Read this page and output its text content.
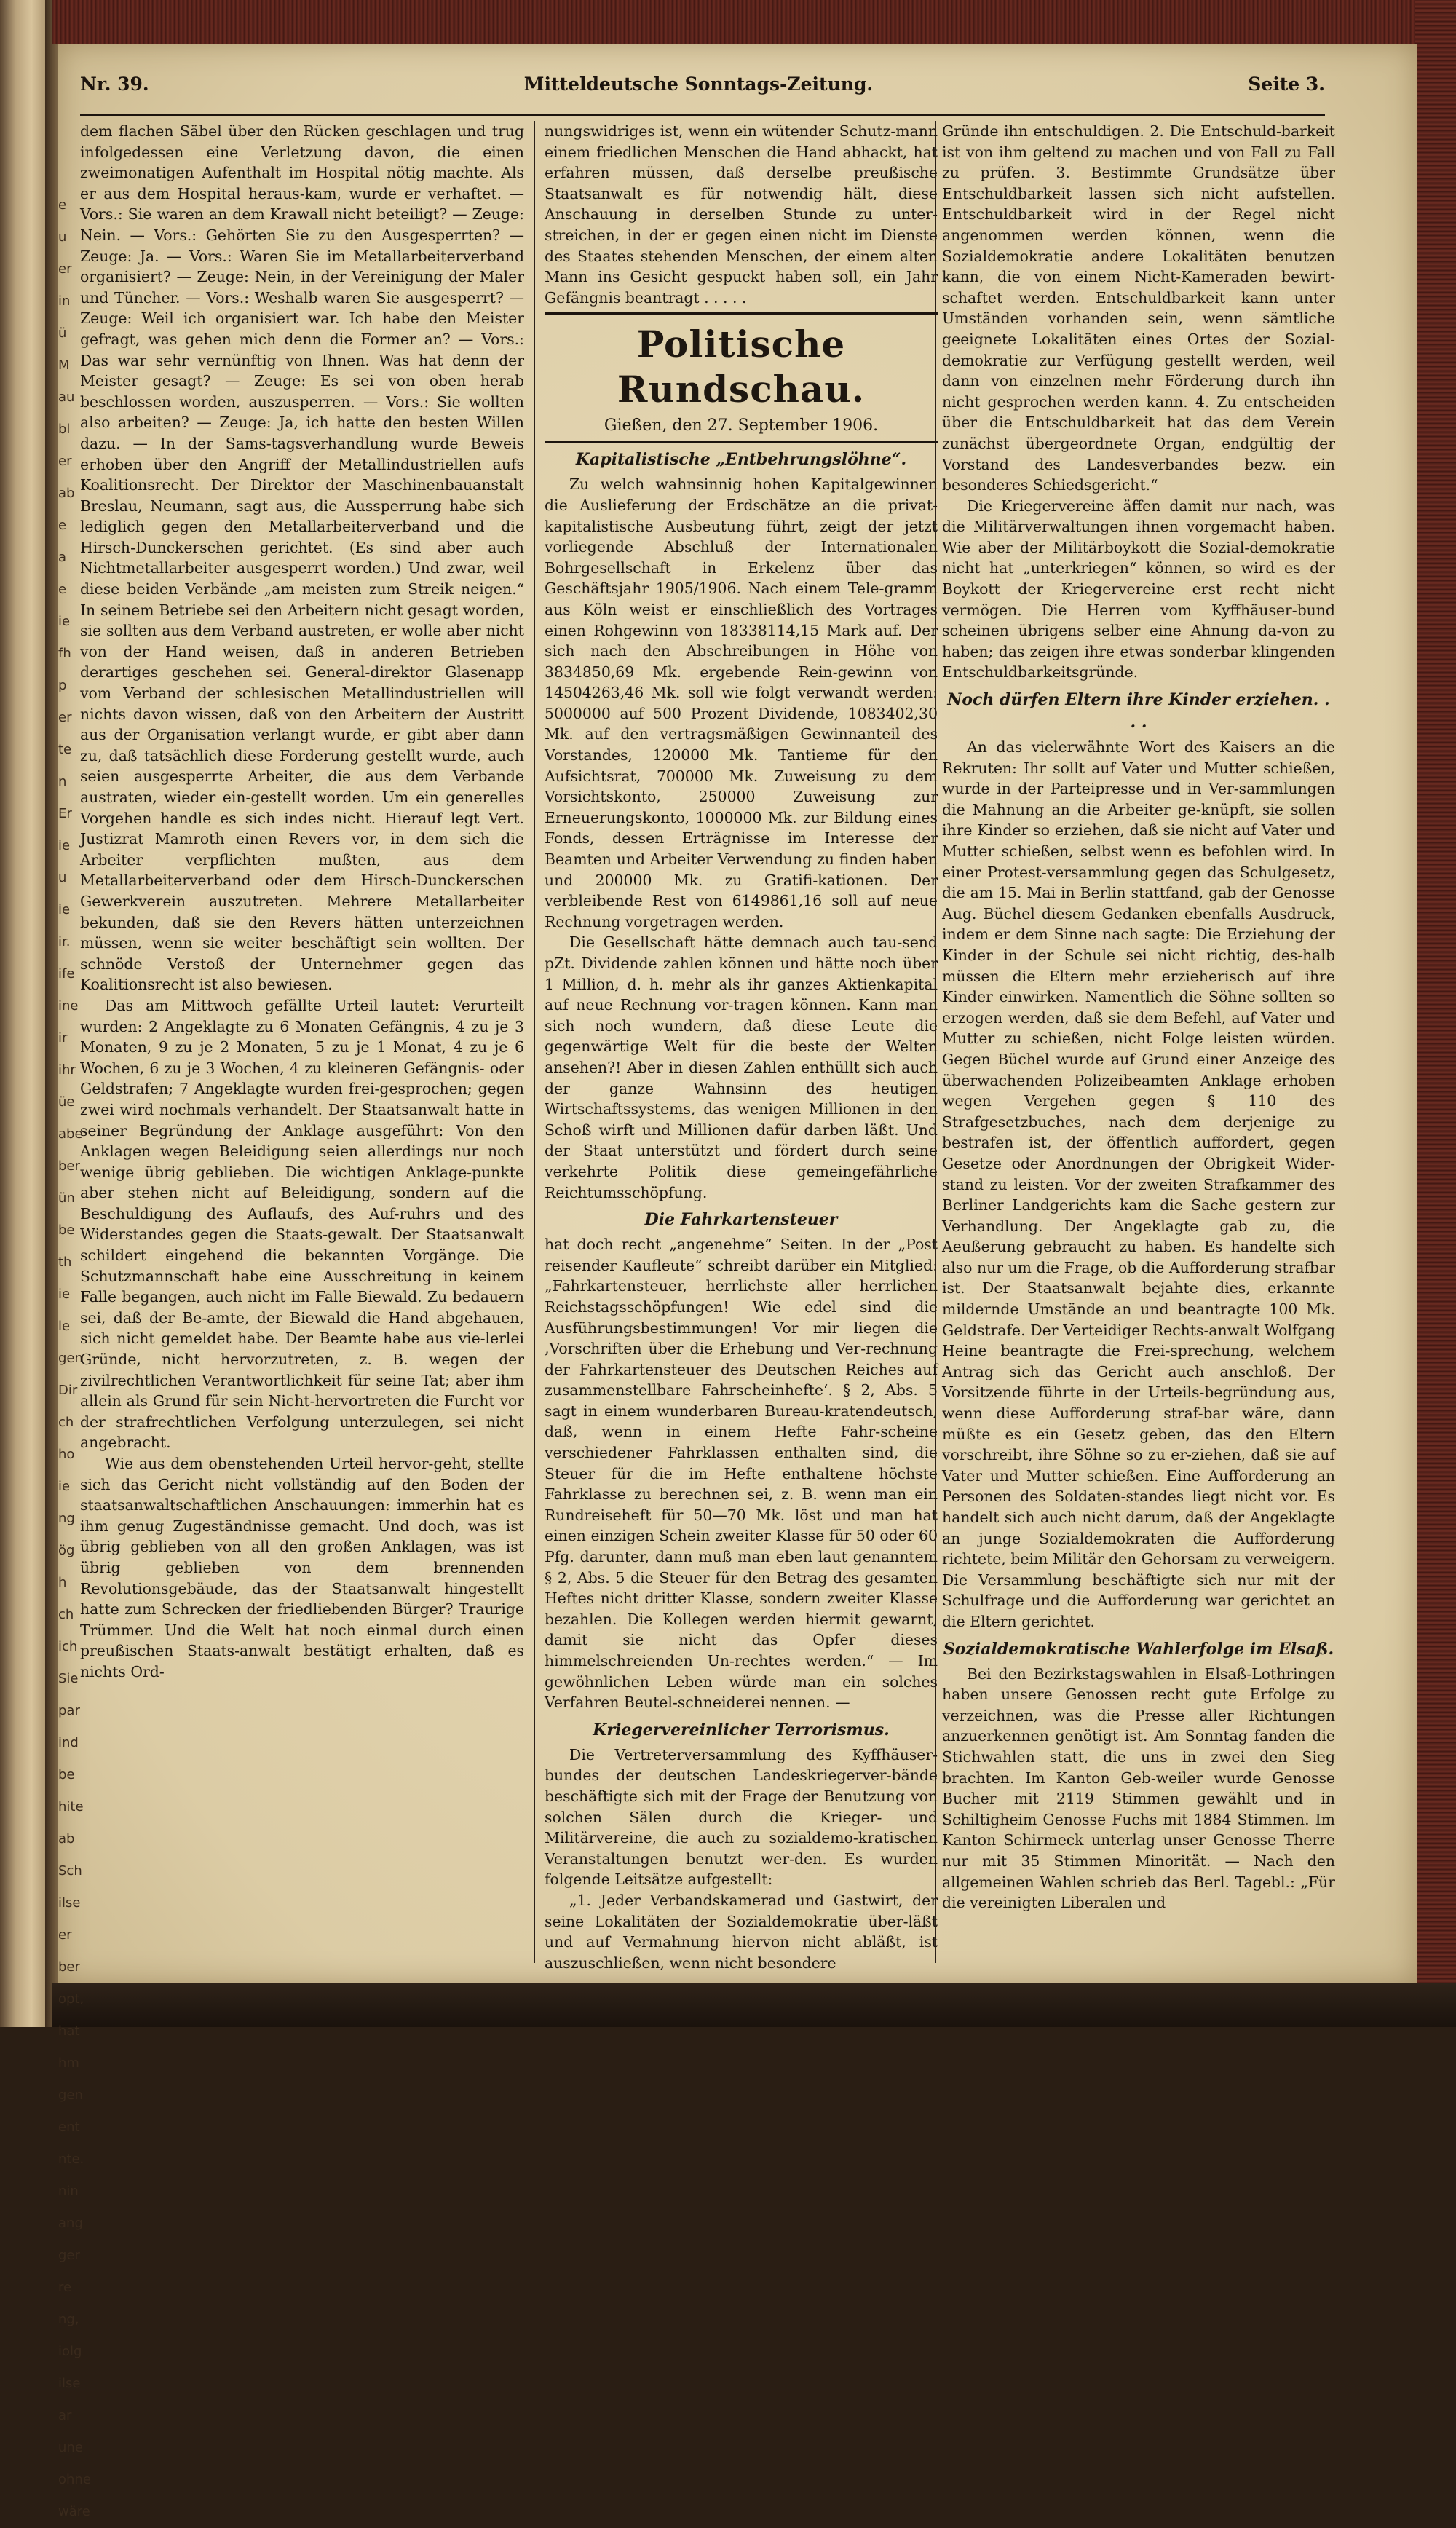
e
u
er
in
ü
M
au
bl
er
ab
e
a
e
ie
fh
p
er
te
n
Er
ie
u
ie
ir.
ife
ine
ir
ihr
üe
abe
ber
ün
be
th
ie
le
gen
Dir
ch
ho
ie
ng
ög
h
ch
ich
Sie
par
ind
be
hite
ab
Sch
ilse
er
ber
opt,
hat
hm
gen
ent
nte.
nin
ang
ger
re
ng,
iolg
ilse
ar
une
ohne
wäre
Nr. 39.	Mitteldeutsche Sonntags-Zeitung.	Seite 3.

dem flachen Säbel über den Rücken geschlagen und trug infolgedessen eine Verletzung davon, die einen zweimonatigen Aufenthalt im Hospital nötig machte. Als er aus dem Hospital heraus-kam, wurde er verhaftet. — Vors.: Sie waren an dem Krawall nicht beteiligt? — Zeuge: Nein. — Vors.: Gehörten Sie zu den Ausgesperrten? — Zeuge: Ja. — Vors.: Waren Sie im Metallarbeiterverband organisiert? — Zeuge: Nein, in der Vereinigung der Maler und Tüncher. — Vors.: Weshalb waren Sie ausgesperrt? — Zeuge: Weil ich organisiert war. Ich habe den Meister gefragt, was gehen mich denn die Former an? — Vors.: Das war sehr vernünftig von Ihnen. Was hat denn der Meister gesagt? — Zeuge: Es sei von oben herab beschlossen worden, auszusperren. — Vors.: Sie wollten also arbeiten? — Zeuge: Ja, ich hatte den besten Willen dazu. — In der Sams-tagsverhandlung wurde Beweis erhoben über den Angriff der Metallindustriellen aufs Koalitionsrecht. Der Direktor der Maschinenbauanstalt Breslau, Neumann, sagt aus, die Aussperrung habe sich lediglich gegen den Metallarbeiterverband und die Hirsch-Dunckerschen gerichtet. (Es sind aber auch Nichtmetallarbeiter ausgesperrt worden.) Und zwar, weil diese beiden Verbände „am meisten zum Streik neigen.“ In seinem Betriebe sei den Arbeitern nicht gesagt worden, sie sollten aus dem Verband austreten, er wolle aber nicht von der Hand weisen, daß in anderen Betrieben derartiges geschehen sei. General-direktor Glasenapp vom Verband der schlesischen Metallindustriellen will nichts davon wissen, daß von den Arbeitern der Austritt aus der Organisation verlangt wurde, er gibt aber dann zu, daß tatsächlich diese Forderung gestellt wurde, auch seien ausgesperrte Arbeiter, die aus dem Verbande austraten, wieder ein-gestellt worden. Um ein generelles Vorgehen handle es sich indes nicht. Hierauf legt Vert. Justizrat Mamroth einen Revers vor, in dem sich die Arbeiter verpflichten mußten, aus dem Metallarbeiterverband oder dem Hirsch-Dunckerschen Gewerkverein auszutreten. Mehrere Metallarbeiter bekunden, daß sie den Revers hätten unterzeichnen müssen, wenn sie weiter beschäftigt sein wollten. Der schnöde Verstoß der Unternehmer gegen das Koalitionsrecht ist also bewiesen.

Das am Mittwoch gefällte Urteil lautet: Verurteilt wurden: 2 Angeklagte zu 6 Monaten Gefängnis, 4 zu je 3 Monaten, 9 zu je 2 Monaten, 5 zu je 1 Monat, 4 zu je 6 Wochen, 6 zu je 3 Wochen, 4 zu kleineren Gefängnis- oder Geldstrafen; 7 Angeklagte wurden frei-gesprochen; gegen zwei wird nochmals verhandelt. Der Staatsanwalt hatte in seiner Begründung der Anklage ausgeführt: Von den Anklagen wegen Beleidigung seien allerdings nur noch wenige übrig geblieben. Die wichtigen Anklage-punkte aber stehen nicht auf Beleidigung, sondern auf die Beschuldigung des Auflaufs, des Auf-ruhrs und des Widerstandes gegen die Staats-gewalt. Der Staatsanwalt schildert eingehend die bekannten Vorgänge. Die Schutzmannschaft habe eine Ausschreitung in keinem Falle begangen, auch nicht im Falle Biewald. Zu bedauern sei, daß der Be-amte, der Biewald die Hand abgehauen, sich nicht gemeldet habe. Der Beamte habe aus vie-lerlei Gründe, nicht hervorzutreten, z. B. wegen der zivilrechtlichen Verantwortlichkeit für seine Tat; aber ihm allein als Grund für sein Nicht-hervortreten die Furcht vor der strafrechtlichen Verfolgung unterzulegen, sei nicht angebracht.

Wie aus dem obenstehenden Urteil hervor-geht, stellte sich das Gericht nicht vollständig auf den Boden der staatsanwaltschaftlichen Anschauungen: immerhin hat es ihm genug Zugeständnisse gemacht. Und doch, was ist übrig geblieben von all den großen Anklagen, was ist übrig geblieben von dem brennenden Revolutionsgebäude, das der Staatsanwalt hingestellt hatte zum Schrecken der friedliebenden Bürger? Traurige Trümmer. Und die Welt hat noch einmal durch einen preußischen Staats-anwalt bestätigt erhalten, daß es nichts Ord-

nungswidriges ist, wenn ein wütender Schutz-mann einem friedlichen Menschen die Hand abhackt, hat erfahren müssen, daß derselbe preußische Staatsanwalt es für notwendig hält, diese Anschauung in derselben Stunde zu unter-streichen, in der er gegen einen nicht im Dienste des Staates stehenden Menschen, der einem alten Mann ins Gesicht gespuckt haben soll, ein Jahr Gefängnis beantragt . . . . .

Politische Rundschau.
Gießen, den 27. September 1906.
Kapitalistische „Entbehrungslöhne“.

Zu welch wahnsinnig hohen Kapitalgewinnen die Auslieferung der Erdschätze an die privat-kapitalistische Ausbeutung führt, zeigt der jetzt vorliegende Abschluß der Internationalen Bohrgesellschaft in Erkelenz über das Geschäftsjahr 1905/1906. Nach einem Tele-gramm aus Köln weist er einschließlich des Vortrages einen Rohgewinn von 18338114,15 Mark auf. Der sich nach den Abschreibungen in Höhe von 3834850,69 Mk. ergebende Rein-gewinn von 14504263,46 Mk. soll wie folgt verwandt werden: 5000000 auf 500 Prozent Dividende, 1083402,30 Mk. auf den vertragsmäßigen Gewinnanteil des Vorstandes, 120000 Mk. Tantieme für den Aufsichtsrat, 700000 Mk. Zuweisung zu dem Vorsichtskonto, 250000 Zuweisung zur Erneuerungskonto, 1000000 Mk. zur Bildung eines Fonds, dessen Erträgnisse im Interesse der Beamten und Arbeiter Verwendung zu finden haben und 200000 Mk. zu Gratifi-kationen. Der verbleibende Rest von 6149861,16 soll auf neue Rechnung vorgetragen werden.

Die Gesellschaft hätte demnach auch tau-send pZt. Dividende zahlen können und hätte noch über 1 Million, d. h. mehr als ihr ganzes Aktienkapital auf neue Rechnung vor-tragen können. Kann man sich noch wundern, daß diese Leute die gegenwärtige Welt für die beste der Welten ansehen?! Aber in diesen Zahlen enthüllt sich auch der ganze Wahnsinn des heutigen Wirtschaftssystems, das wenigen Millionen in den Schoß wirft und Millionen dafür darben läßt. Und der Staat unterstützt und fördert durch seine verkehrte Politik diese gemeingefährliche Reichtumsschöpfung.

Die Fahrkartensteuer

hat doch recht „angenehme“ Seiten. In der „Post reisender Kaufleute“ schreibt darüber ein Mitglied: „Fahrkartensteuer, herrlichste aller herrlichen Reichstagsschöpfungen! Wie edel sind die Ausführungsbestimmungen! Vor mir liegen die ‚Vorschriften über die Erhebung und Ver-rechnung der Fahrkartensteuer des Deutschen Reiches auf zusammenstellbare Fahrscheinhefte‘. § 2, Abs. 5 sagt in einem wunderbaren Bureau-kratendeutsch, daß, wenn in einem Hefte Fahr-scheine verschiedener Fahrklassen enthalten sind, die Steuer für die im Hefte enthaltene höchste Fahrklasse zu berechnen sei, z. B. wenn man ein Rundreiseheft für 50—70 Mk. löst und man hat einen einzigen Schein zweiter Klasse für 50 oder 60 Pfg. darunter, dann muß man eben laut genanntem § 2, Abs. 5 die Steuer für den Betrag des gesamten Heftes nicht dritter Klasse, sondern zweiter Klasse bezahlen. Die Kollegen werden hiermit gewarnt, damit sie nicht das Opfer dieses himmelschreienden Un-rechtes werden.“ — Im gewöhnlichen Leben würde man ein solches Verfahren Beutel-schneiderei nennen. —

Kriegervereinlicher Terrorismus.

Die Vertreterversammlung des Kyffhäuser-bundes der deutschen Landeskriegerver-bände beschäftigte sich mit der Frage der Benutzung von solchen Sälen durch die Krieger- und Militärvereine, die auch zu sozialdemo-kratischen Veranstaltungen benutzt wer-den. Es wurden folgende Leitsätze aufgestellt:

„1. Jeder Verbandskamerad und Gastwirt, der seine Lokalitäten der Sozialdemokratie über-läßt und auf Vermahnung hiervon nicht abläßt, ist auszuschließen, wenn nicht besondere

Gründe ihn entschuldigen. 2. Die Entschuld-barkeit ist von ihm geltend zu machen und von Fall zu Fall zu prüfen. 3. Bestimmte Grundsätze über Entschuldbarkeit lassen sich nicht aufstellen. Entschuldbarkeit wird in der Regel nicht angenommen werden können, wenn die Sozialdemokratie andere Lokalitäten benutzen kann, die von einem Nicht-Kameraden bewirt-schaftet werden. Entschuldbarkeit kann unter Umständen vorhanden sein, wenn sämtliche geeignete Lokalitäten eines Ortes der Sozial-demokratie zur Verfügung gestellt werden, weil dann von einzelnen mehr Förderung durch ihn nicht gesprochen werden kann. 4. Zu entscheiden über die Entschuldbarkeit hat das dem Verein zunächst übergeordnete Organ, endgültig der Vorstand des Landesverbandes bezw. ein besonderes Schiedsgericht.“

Die Kriegervereine äffen damit nur nach, was die Militärverwaltungen ihnen vorgemacht haben. Wie aber der Militärboykott die Sozial-demokratie nicht hat „unterkriegen“ können, so wird es der Boykott der Kriegervereine erst recht nicht vermögen. Die Herren vom Kyffhäuser-bund scheinen übrigens selber eine Ahnung da-von zu haben; das zeigen ihre etwas sonderbar klingenden Entschuldbarkeitsgründe.

Noch dürfen Eltern ihre Kinder erziehen. . . .

An das vielerwähnte Wort des Kaisers an die Rekruten: Ihr sollt auf Vater und Mutter schießen, wurde in der Parteipresse und in Ver-sammlungen die Mahnung an die Arbeiter ge-knüpft, sie sollen ihre Kinder so erziehen, daß sie nicht auf Vater und Mutter schießen, selbst wenn es befohlen wird. In einer Protest-versammlung gegen das Schulgesetz, die am 15. Mai in Berlin stattfand, gab der Genosse Aug. Büchel diesem Gedanken ebenfalls Ausdruck, indem er dem Sinne nach sagte: Die Erziehung der Kinder in der Schule sei nicht richtig, des-halb müssen die Eltern mehr erzieherisch auf ihre Kinder einwirken. Namentlich die Söhne sollten so erzogen werden, daß sie dem Befehl, auf Vater und Mutter zu schießen, nicht Folge leisten würden. Gegen Büchel wurde auf Grund einer Anzeige des überwachenden Polizeibeamten Anklage erhoben wegen Vergehen gegen § 110 des Strafgesetzbuches, nach dem derjenige zu bestrafen ist, der öffentlich auffordert, gegen Gesetze oder Anordnungen der Obrigkeit Wider-stand zu leisten. Vor der zweiten Strafkammer des Berliner Landgerichts kam die Sache gestern zur Verhandlung. Der Angeklagte gab zu, die Aeußerung gebraucht zu haben. Es handelte sich also nur um die Frage, ob die Aufforderung strafbar ist. Der Staatsanwalt bejahte dies, erkannte mildernde Umstände an und beantragte 100 Mk. Geldstrafe. Der Verteidiger Rechts-anwalt Wolfgang Heine beantragte die Frei-sprechung, welchem Antrag sich das Gericht auch anschloß. Der Vorsitzende führte in der Urteils-begründung aus, wenn diese Aufforderung straf-bar wäre, dann müßte es ein Gesetz geben, das den Eltern vorschreibt, ihre Söhne so zu er-ziehen, daß sie auf Vater und Mutter schießen. Eine Aufforderung an Personen des Soldaten-standes liegt nicht vor. Es handelt sich auch nicht darum, daß der Angeklagte an junge Sozialdemokraten die Aufforderung richtete, beim Militär den Gehorsam zu verweigern. Die Versammlung beschäftigte sich nur mit der Schulfrage und die Aufforderung war gerichtet an die Eltern gerichtet.

Sozialdemokratische Wahlerfolge im Elsaß.

Bei den Bezirkstagswahlen in Elsaß-Lothringen haben unsere Genossen recht gute Erfolge zu verzeichnen, was die Presse aller Richtungen anzuerkennen genötigt ist. Am Sonntag fanden die Stichwahlen statt, die uns in zwei den Sieg brachten. Im Kanton Geb-weiler wurde Genosse Bucher mit 2119 Stimmen gewählt und in Schiltigheim Genosse Fuchs mit 1884 Stimmen. Im Kanton Schirmeck unterlag unser Genosse Therre nur mit 35 Stimmen Minorität. — Nach den allgemeinen Wahlen schrieb das Berl. Tagebl.: „Für die vereinigten Liberalen und
